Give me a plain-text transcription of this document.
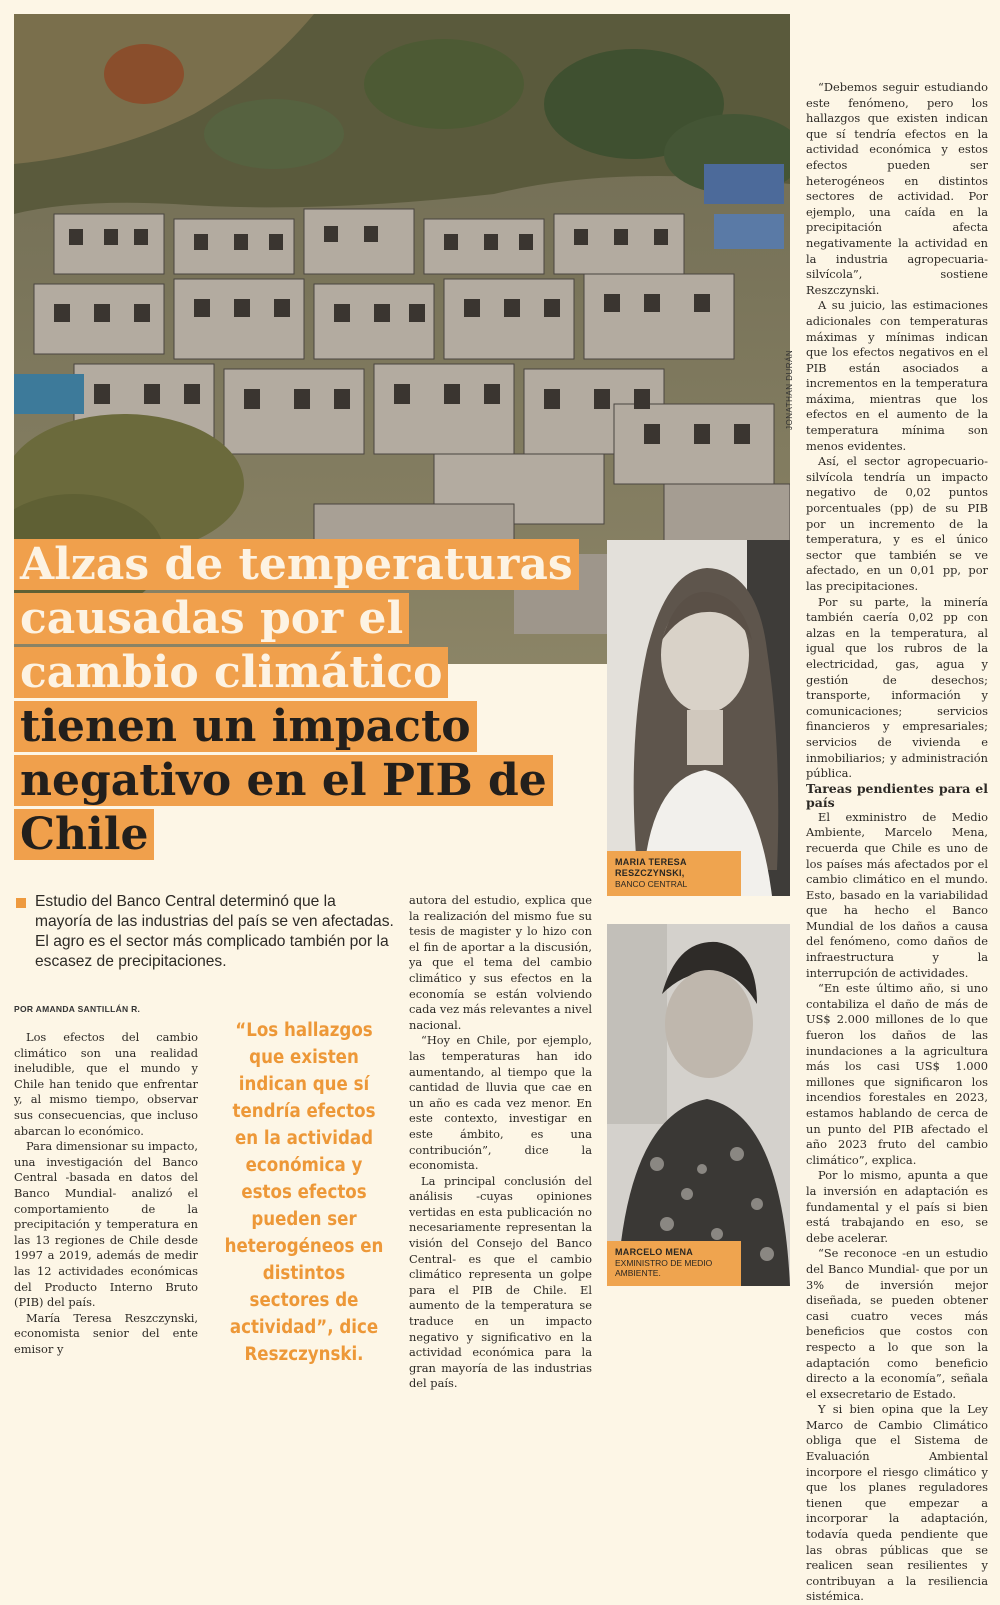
JONATHAN DURÁN
Alzas de temperaturas causadas por el cambio climático tienen un impacto negativo en el PIB de Chile
MARIA TERESA RESZCZYNSKI,
BANCO CENTRAL
MARCELO MENA
EXMINISTRO DE MEDIO AMBIENTE.
Estudio del Banco Central determinó que la mayoría de las industrias del país se ven afectadas. El agro es el sector más complicado también por la escasez de precipitaciones.
POR AMANDA SANTILLÁN R.

Los efectos del cambio climático son una realidad ineludible, que el mundo y Chile han tenido que enfrentar y, al mismo tiempo, observar sus consecuencias, que incluso abarcan lo económico.

Para dimensionar su impacto, una investigación del Banco Central -basada en datos del Banco Mundial- analizó el comportamiento de la precipitación y temperatura en las 13 regiones de Chile desde 1997 a 2019, además de medir las 12 actividades económicas del Producto Interno Bruto (PIB) del país.

María Teresa Reszczynski, economista senior del ente emisor y

“Los hallazgos que existen indican que sí tendría efectos en la actividad económica y estos efectos pueden ser heterogéneos en distintos sectores de actividad”, dice Reszczynski.

autora del estudio, explica que la realización del mismo fue su tesis de magister y lo hizo con el fin de aportar a la discusión, ya que el tema del cambio climático y sus efectos en la economía se están volviendo cada vez más relevantes a nivel nacional.

“Hoy en Chile, por ejemplo, las temperaturas han ido aumentando, al tiempo que la cantidad de lluvia que cae en un año es cada vez menor. En este contexto, investigar en este ámbito, es una contribución”, dice la economista.

La principal conclusión del análisis -cuyas opiniones vertidas en esta publicación no necesariamente representan la visión del Consejo del Banco Central- es que el cambio climático representa un golpe para el PIB de Chile. El aumento de la temperatura se traduce en un impacto negativo y significativo en la actividad económica para la gran mayoría de las industrias del país.

“Debemos seguir estudiando este fenómeno, pero los hallazgos que existen indican que sí tendría efectos en la actividad económica y estos efectos pueden ser heterogéneos en distintos sectores de actividad. Por ejemplo, una caída en la precipitación afecta negativamente la actividad en la industria agropecuaria-silvícola”, sostiene Reszczynski.

A su juicio, las estimaciones adicionales con temperaturas máximas y mínimas indican que los efectos negativos en el PIB están asociados a incrementos en la temperatura máxima, mientras que los efectos en el aumento de la temperatura mínima son menos evidentes.

Así, el sector agropecuario-silvícola tendría un impacto negativo de 0,02 puntos porcentuales (pp) de su PIB por un incremento de la temperatura, y es el único sector que también se ve afectado, en un 0,01 pp, por las precipitaciones.

Por su parte, la minería también caería 0,02 pp con alzas en la temperatura, al igual que los rubros de la electricidad, gas, agua y gestión de desechos; transporte, información y comunicaciones; servicios financieros y empresariales; servicios de vivienda e inmobiliarios; y administración pública.

Tareas pendientes para el país

El exministro de Medio Ambiente, Marcelo Mena, recuerda que Chile es uno de los países más afectados por el cambio climático en el mundo. Esto, basado en la variabilidad que ha hecho el Banco Mundial de los daños a causa del fenómeno, como daños de infraestructura y la interrupción de actividades.

“En este último año, si uno contabiliza el daño de más de US$ 2.000 millones de lo que fueron los daños de las inundaciones a la agricultura más los casi US$ 1.000 millones que significaron los incendios forestales en 2023, estamos hablando de cerca de un punto del PIB afectado el año 2023 fruto del cambio climático”, explica.

Por lo mismo, apunta a que la inversión en adaptación es fundamental y el país si bien está trabajando en eso, se debe acelerar.

“Se reconoce -en un estudio del Banco Mundial- que por un 3% de inversión mejor diseñada, se pueden obtener casi cuatro veces más beneficios que costos con respecto a lo que son la adaptación como beneficio directo a la economía”, señala el exsecretario de Estado.

Y si bien opina que la Ley Marco de Cambio Climático obliga que el Sistema de Evaluación Ambiental incorpore el riesgo climático y que los planes reguladores tienen que empezar a incorporar la adaptación, todavía queda pendiente que las obras públicas que se realicen sean resilientes y contribuyan a la resiliencia sistémica.
